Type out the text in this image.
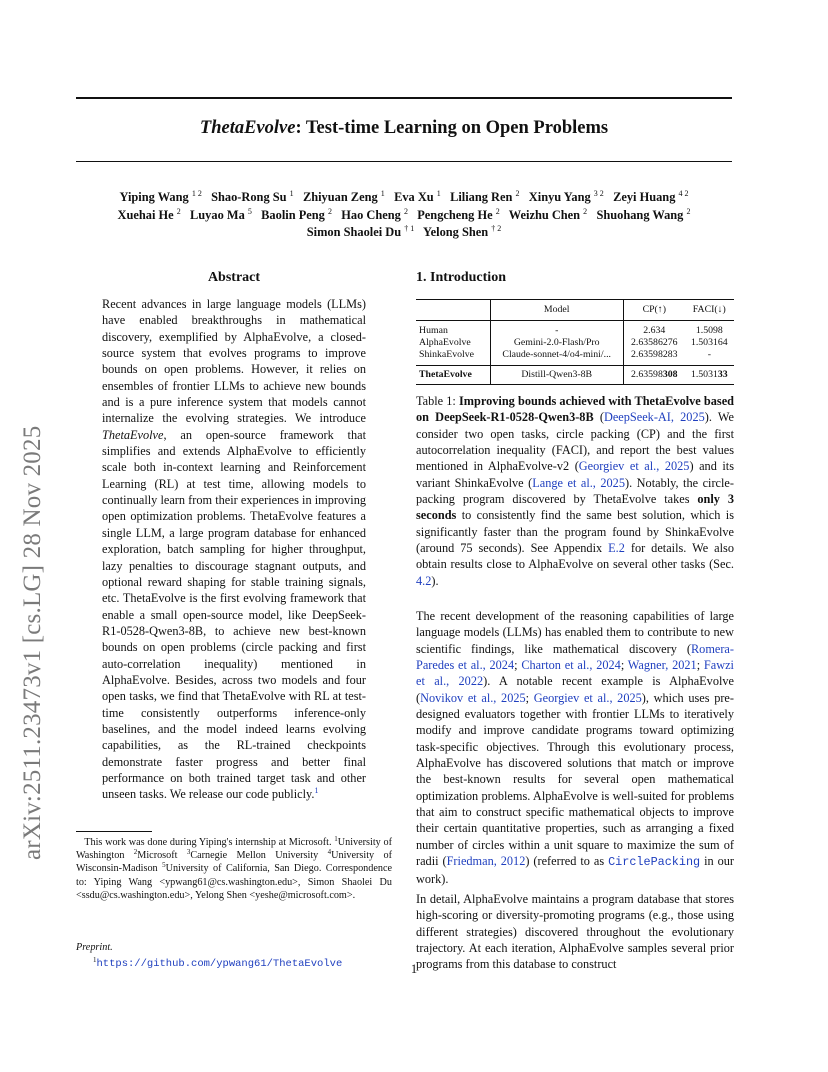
arXiv:2511.23473v1 [cs.LG] 28 Nov 2025
ThetaEvolve: Test-time Learning on Open Problems
Yiping Wang $^{1 2}$ Shao-Rong Su $^1$ Zhiyuan Zeng $^1$ Eva Xu $^1$ Liliang Ren $^2$ Xinyu Yang $^{3 2}$ Zeyi Huang $^{4 2}$
Xuehai He $^2$ Luyao Ma $^5$ Baolin Peng $^2$ Hao Cheng $^2$ Pengcheng He $^2$ Weizhu Chen $^2$ Shuohang Wang $^2$
Simon Shaolei Du $^{\dagger 1}$ Yelong Shen $^{\dagger 2}$
Abstract
Recent advances in large language models (LLMs) have enabled breakthroughs in mathematical discovery, exemplified by AlphaEvolve, a closed-source system that evolves programs to improve bounds on open problems. However, it relies on ensembles of frontier LLMs to achieve new bounds and is a pure inference system that models cannot internalize the evolving strategies. We introduce ThetaEvolve, an open-source framework that simplifies and extends AlphaEvolve to efficiently scale both in-context learning and Reinforcement Learning (RL) at test time, allowing models to continually learn from their experiences in improving open optimization problems. ThetaEvolve features a single LLM, a large program database for enhanced exploration, batch sampling for higher throughput, lazy penalties to discourage stagnant outputs, and optional reward shaping for stable training signals, etc. ThetaEvolve is the first evolving framework that enable a small open-source model, like DeepSeek-R1-0528-Qwen3-8B, to achieve new best-known bounds on open problems (circle packing and first auto-correlation inequality) mentioned in AlphaEvolve. Besides, across two models and four open tasks, we find that ThetaEvolve with RL at test-time consistently outperforms inference-only baselines, and the model indeed learns evolving capabilities, as the RL-trained checkpoints demonstrate faster progress and better final performance on both trained target task and other unseen tasks. We release our code publicly.$^1$
This work was done during Yiping's internship at Microsoft. $^1$University of Washington $^2$Microsoft $^3$Carnegie Mellon University $^4$University of Wisconsin-Madison $^5$University of California, San Diego. Correspondence to: Yiping Wang <ypwang61@cs.washington.edu>, Simon Shaolei Du <ssdu@cs.washington.edu>, Yelong Shen <yeshe@microsoft.com>.
Preprint.
$^1$https://github.com/ypwang61/ThetaEvolve
1. Introduction
	Model	CP(↑)	FACI(↓)
Human	-	2.634	1.5098
AlphaEvolve	Gemini-2.0-Flash/Pro	2.63586276	1.503164
ShinkaEvolve	Claude-sonnet-4/o4-mini/...	2.63598283	-
ThetaEvolve	Distill-Qwen3-8B	2.63598308	1.503133
Table 1: Improving bounds achieved with ThetaEvolve based on DeepSeek-R1-0528-Qwen3-8B (DeepSeek-AI, 2025). We consider two open tasks, circle packing (CP) and the first autocorrelation inequality (FACI), and report the best values mentioned in AlphaEvolve-v2 (Georgiev et al., 2025) and its variant ShinkaEvolve (Lange et al., 2025). Notably, the circle-packing program discovered by ThetaEvolve takes only 3 seconds to consistently find the same best solution, which is significantly faster than the program found by ShinkaEvolve (around 75 seconds). See Appendix E.2 for details. We also obtain results close to AlphaEvolve on several other tasks (Sec. 4.2).
The recent development of the reasoning capabilities of large language models (LLMs) has enabled them to contribute to new scientific findings, like mathematical discovery (Romera-Paredes et al., 2024; Charton et al., 2024; Wagner, 2021; Fawzi et al., 2022). A notable recent example is AlphaEvolve (Novikov et al., 2025; Georgiev et al., 2025), which uses pre-designed evaluators together with frontier LLMs to iteratively modify and improve candidate programs toward optimizing task-specific objectives. Through this evolutionary process, AlphaEvolve has discovered solutions that match or improve the best-known results for several open mathematical optimization problems. AlphaEvolve is well-suited for problems that aim to construct specific mathematical objects to improve their certain quantitative properties, such as arranging a fixed number of circles within a unit square to maximize the sum of radii (Friedman, 2012) (referred to as CirclePacking in our work).
In detail, AlphaEvolve maintains a program database that stores high-scoring or diversity-promoting programs (e.g., those using different strategies) discovered throughout the evolutionary trajectory. At each iteration, AlphaEvolve samples several prior programs from this database to construct
1
